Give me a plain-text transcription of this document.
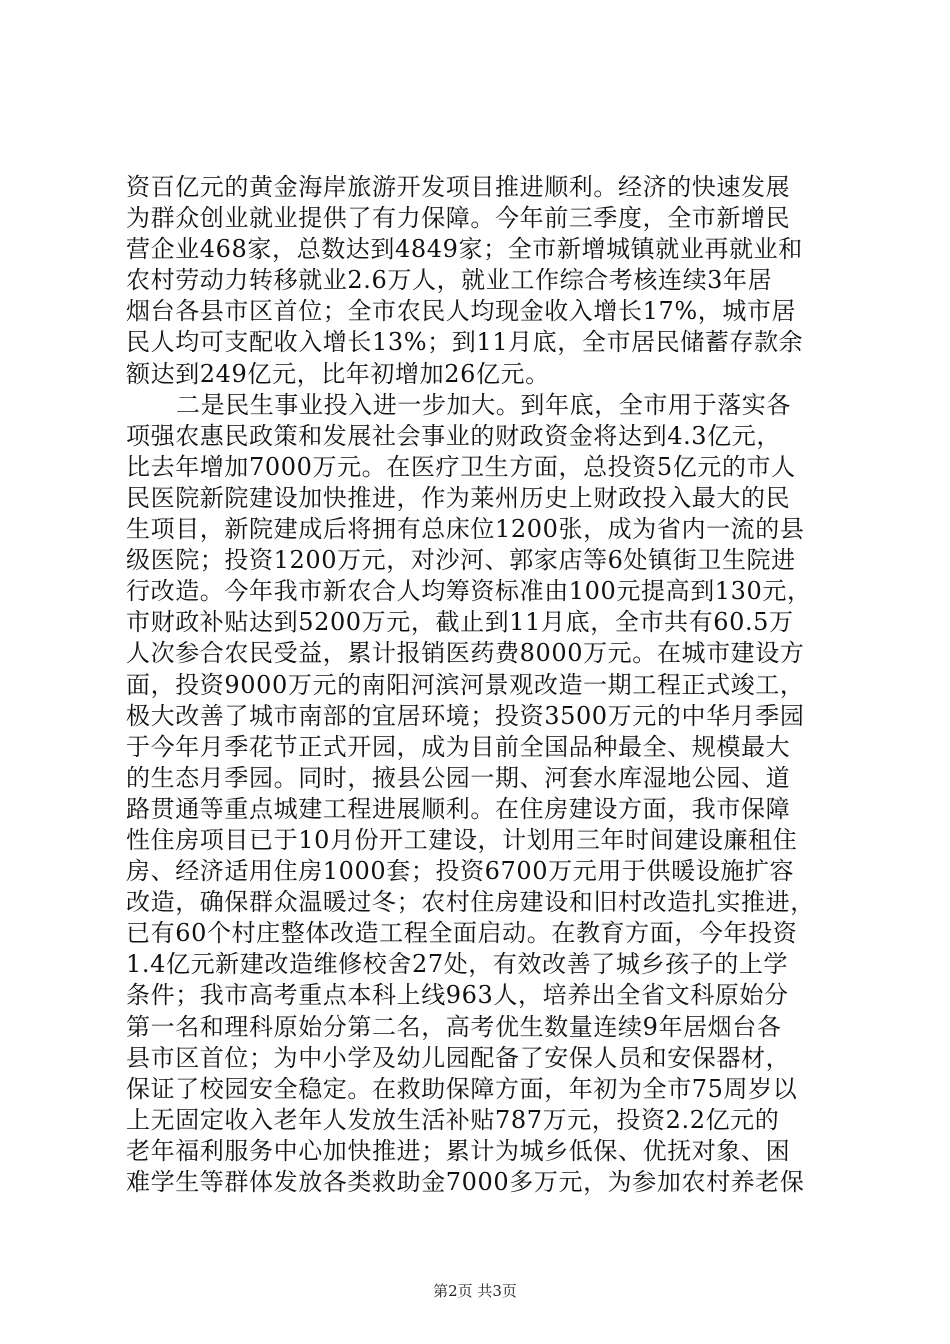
资百亿元的黄金海岸旅游开发项目推进顺利。经济的快速发展
为群众创业就业提供了有力保障。今年前三季度，全市新增民
营企业468家，总数达到4849家；全市新增城镇就业再就业和
农村劳动力转移就业2.6万人，就业工作综合考核连续3年居
烟台各县市区首位；全市农民人均现金收入增长17%，城市居
民人均可支配收入增长13%；到11月底，全市居民储蓄存款余
额达到249亿元，比年初增加26亿元。
二是民生事业投入进一步加大。到年底，全市用于落实各
项强农惠民政策和发展社会事业的财政资金将达到4.3亿元，
比去年增加7000万元。在医疗卫生方面，总投资5亿元的市人
民医院新院建设加快推进，作为莱州历史上财政投入最大的民
生项目，新院建成后将拥有总床位1200张，成为省内一流的县
级医院；投资1200万元，对沙河、郭家店等6处镇街卫生院进
行改造。今年我市新农合人均筹资标准由100元提高到130元，
市财政补贴达到5200万元，截止到11月底，全市共有60.5万
人次参合农民受益，累计报销医药费8000万元。在城市建设方
面，投资9000万元的南阳河滨河景观改造一期工程正式竣工，
极大改善了城市南部的宜居环境；投资3500万元的中华月季园
于今年月季花节正式开园，成为目前全国品种最全、规模最大
的生态月季园。同时，掖县公园一期、河套水库湿地公园、道
路贯通等重点城建工程进展顺利。在住房建设方面，我市保障
性住房项目已于10月份开工建设，计划用三年时间建设廉租住
房、经济适用住房1000套；投资6700万元用于供暖设施扩容
改造，确保群众温暖过冬；农村住房建设和旧村改造扎实推进，
已有60个村庄整体改造工程全面启动。在教育方面，今年投资
1.4亿元新建改造维修校舍27处，有效改善了城乡孩子的上学
条件；我市高考重点本科上线963人，培养出全省文科原始分
第一名和理科原始分第二名，高考优生数量连续9年居烟台各
县市区首位；为中小学及幼儿园配备了安保人员和安保器材，
保证了校园安全稳定。在救助保障方面，年初为全市75周岁以
上无固定收入老年人发放生活补贴787万元，投资2.2亿元的
老年福利服务中心加快推进；累计为城乡低保、优抚对象、困
难学生等群体发放各类救助金7000多万元，为参加农村养老保
第2页 共3页
